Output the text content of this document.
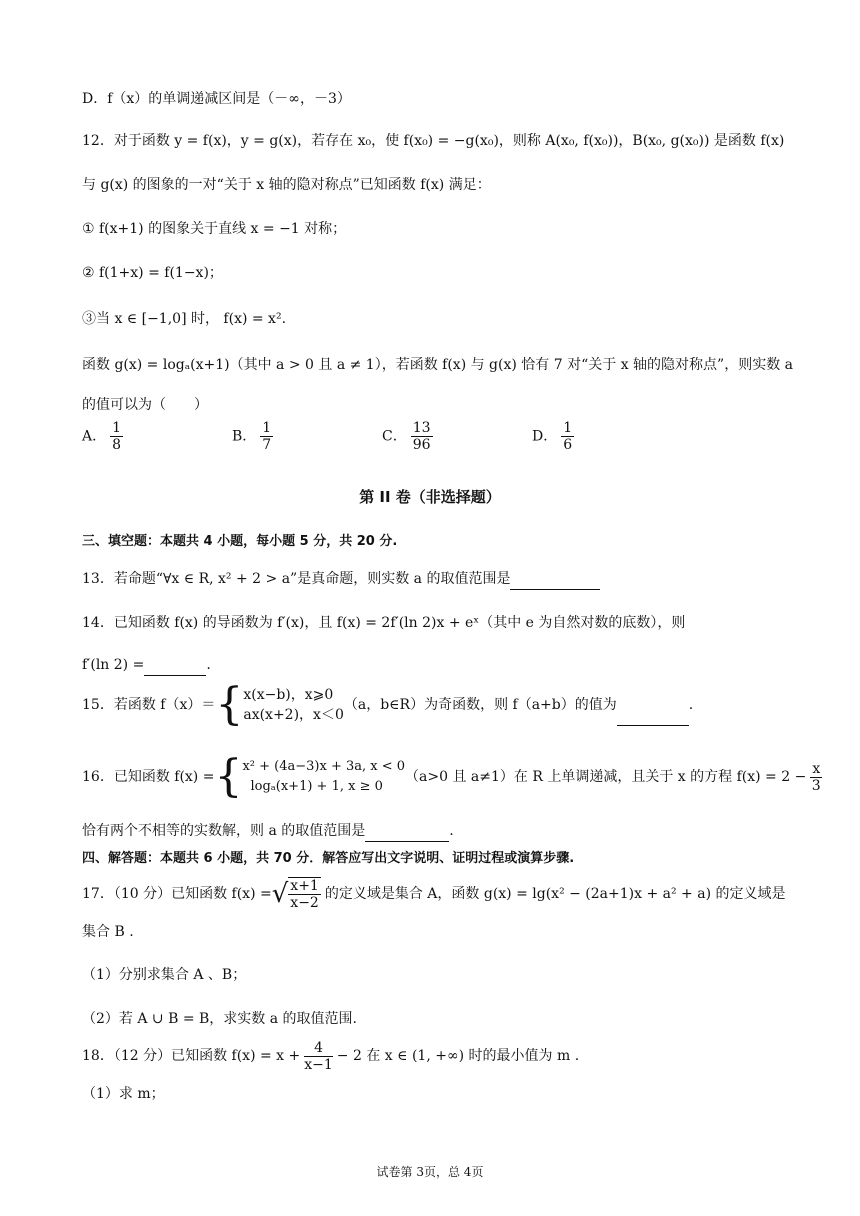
D．f（x）的单调递减区间是（－∞，－3）
12．对于函数 y = f(x)，y = g(x)，若存在 x₀，使 f(x₀) = −g(x₀)，则称 A(x₀, f(x₀))，B(x₀, g(x₀)) 是函数 f(x)
与 g(x) 的图象的一对“关于 x 轴的隐对称点”已知函数 f(x) 满足：
① f(x+1) 的图象关于直线 x = −1 对称；
② f(1+x) = f(1−x)；
③当 x ∈ [−1,0] 时， f(x) = x².
函数 g(x) = logₐ(x+1)（其中 a > 0 且 a ≠ 1），若函数 f(x) 与 g(x) 恰有 7 对“关于 x 轴的隐对称点”，则实数 a
的值可以为（　　）
A． $\frac{1}{8}$	B． $\frac{1}{7}$	C． $\frac{13}{96}$	D． $\frac{1}{6}$
第 II 卷（非选择题）
三、填空题：本题共 4 小题，每小题 5 分，共 20 分.
13．若命题“∀x ∈ R, x² + 2 > a”是真命题，则实数 a 的取值范围是
14．已知函数 f(x) 的导函数为 f′(x)，且 f(x) = 2f′(ln 2)x + eˣ（其中 e 为自然对数的底数），则
f′(ln 2) =	.
15．若函数 f（x）＝{ x(x−b)，x⩾0
ax(x+2)，x＜0
（a，b∈R）为奇函数，则 f（a+b）的值为	.
16．已知函数 f(x) ={ x² + (4a−3)x + 3a, x < 0
logₐ(x+1) + 1, x ≥ 0
（a>0 且 a≠1）在 R 上单调递减，且关于 x 的方程 $f(x) = 2 - \frac{x}{3}$
恰有两个不相等的实数解，则 a 的取值范围是	.
四、解答题：本题共 6 小题，共 70 分．解答应写出文字说明、证明过程或演算步骤.
17．（10 分）已知函数 f(x) =√ $\frac{x+1}{x-2}$ 的定义域是集合 A，函数 g(x) = lg(x² − (2a+1)x + a² + a) 的定义域是
集合 B .
（1）分别求集合 A 、B；
（2）若 A ∪ B = B，求实数 a 的取值范围.
18．（12 分）已知函数 $f(x) = x + \frac{4}{x-1} - 2$ 在 x ∈ (1, +∞) 时的最小值为 m .
（1）求 m；
试卷第 3页，总 4页
